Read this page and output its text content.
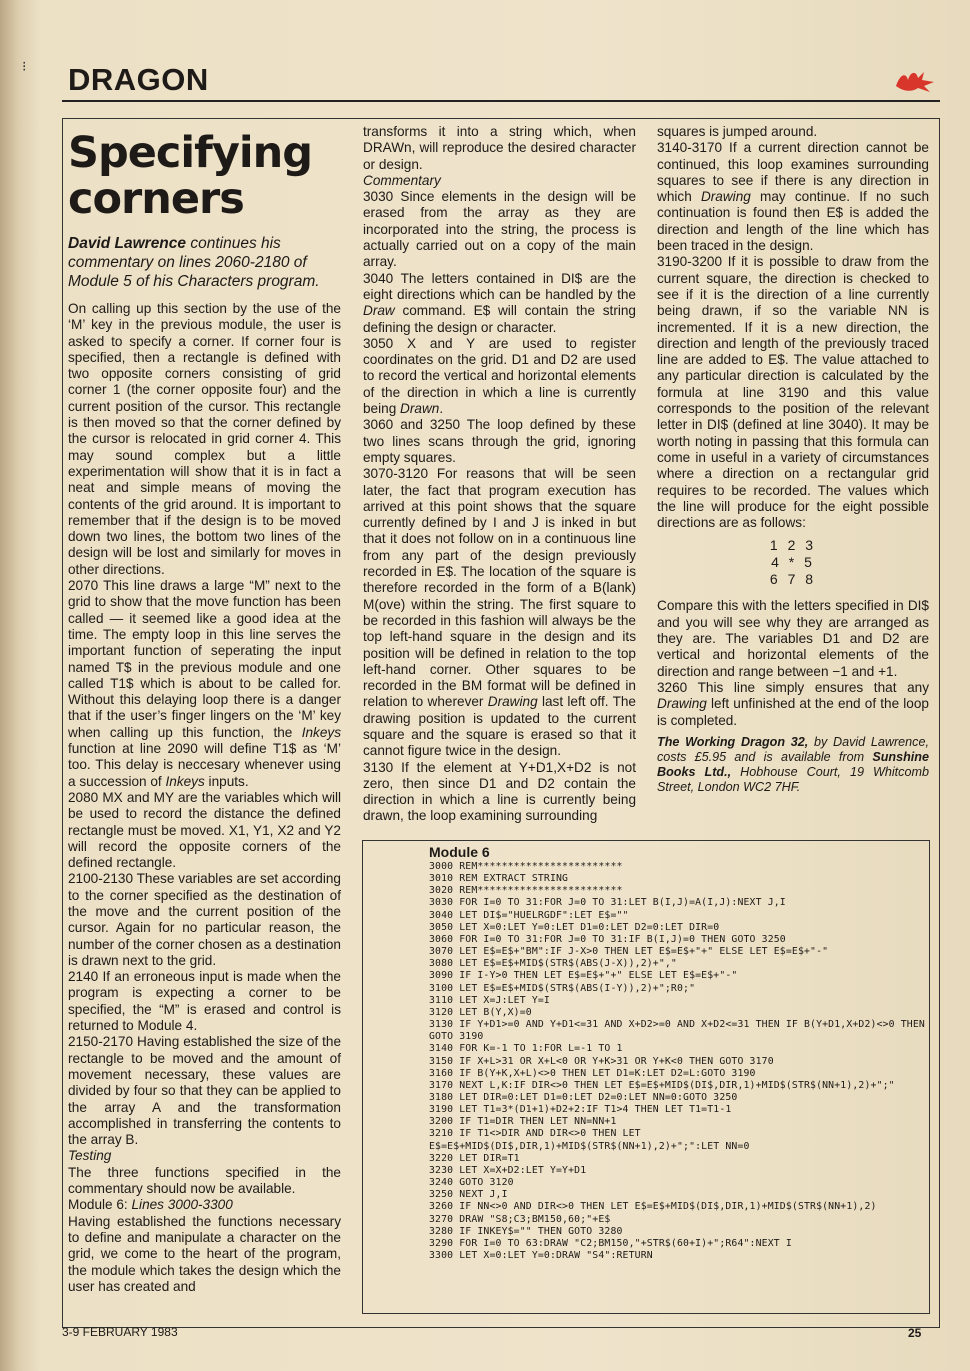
⁝ DRAGON

Specifying corners

David Lawrence continues his commentary on lines 2060-2180 of Module 5 of his Characters program.

On calling up this section by the use of the ‘M’ key in the previous module, the user is asked to specify a corner. If corner four is specified, then a rectangle is defined with two opposite corners consisting of grid corner 1 (the corner opposite four) and the current position of the cursor. This rectangle is then moved so that the corner defined by the cursor is relocated in grid corner 4. This may sound complex but a little experimentation will show that it is in fact a neat and simple means of moving the contents of the grid around. It is important to remember that if the design is to be moved down two lines, the bottom two lines of the design will be lost and similarly for moves in other directions.

2070 This line draws a large “M” next to the grid to show that the move function has been called — it seemed like a good idea at the time. The empty loop in this line serves the important function of seperating the input named T$ in the previous module and one called T1$ which is about to be called for. Without this delaying loop there is a danger that if the user’s finger lingers on the ‘M’ key when calling up this function, the Inkeys function at line 2090 will define T1$ as ‘M’ too. This delay is neccesary whenever using a succession of Inkeys inputs.

2080 MX and MY are the variables which will be used to record the distance the defined rectangle must be moved. X1, Y1, X2 and Y2 will record the opposite corners of the defined rectangle.

2100-2130 These variables are set according to the corner specified as the destination of the move and the current position of the cursor. Again for no particular reason, the number of the corner chosen as a destination is drawn next to the grid.

2140 If an erroneous input is made when the program is expecting a corner to be specified, the “M” is erased and control is returned to Module 4.

2150-2170 Having established the size of the rectangle to be moved and the amount of movement necessary, these values are divided by four so that they can be applied to the array A and the transformation accomplished in transferring the contents to the array B.

Testing

The three functions specified in the commentary should now be available.

Module 6: Lines 3000-3300

Having established the functions necessary to define and manipulate a character on the grid, we come to the heart of the program, the module which takes the design which the user has created and

transforms it into a string which, when DRAWn, will reproduce the desired character or design.

Commentary

3030 Since elements in the design will be erased from the array as they are incorporated into the string, the process is actually carried out on a copy of the main array.

3040 The letters contained in DI$ are the eight directions which can be handled by the Draw command. E$ will contain the string defining the design or character.

3050 X and Y are used to register coordinates on the grid. D1 and D2 are used to record the vertical and horizontal elements of the direction in which a line is currently being Drawn.

3060 and 3250 The loop defined by these two lines scans through the grid, ignoring empty squares.

3070-3120 For reasons that will be seen later, the fact that program execution has arrived at this point shows that the square currently defined by I and J is inked in but that it does not follow on in a continuous line from any part of the design previously recorded in E$. The location of the square is therefore recorded in the form of a B(lank) M(ove) within the string. The first square to be recorded in this fashion will always be the top left-hand square in the design and its position will be defined in relation to the top left-hand corner. Other squares to be recorded in the BM format will be defined in relation to wherever Drawing last left off. The drawing position is updated to the current square and the square is erased so that it cannot figure twice in the design.

3130 If the element at Y+D1,X+D2 is not zero, then since D1 and D2 contain the direction in which a line is currently being drawn, the loop examining surrounding

squares is jumped around.

3140-3170 If a current direction cannot be continued, this loop examines surrounding squares to see if there is any direction in which Drawing may continue. If no such continuation is found then E$ is added the direction and length of the line which has been traced in the design.

3190-3200 If it is possible to draw from the current square, the direction is checked to see if it is the direction of a line currently being drawn, if so the variable NN is incremented. If it is a new direction, the direction and length of the previously traced line are added to E$. The value attached to any particular direction is calculated by the formula at line 3190 and this value corresponds to the position of the relevant letter in DI$ (defined at line 3040). It may be worth noting in passing that this formula can come in useful in a variety of circumstances where a direction on a rectangular grid requires to be recorded. The values which the line will produce for the eight possible directions are as follows:

1 2 3
4 * 5
6 7 8

Compare this with the letters specified in DI$ and you will see why they are arranged as they are. The variables D1 and D2 are vertical and horizontal elements of the direction and range between −1 and +1.

3260 This line simply ensures that any Drawing left unfinished at the end of the loop is completed.

The Working Dragon 32, by David Lawrence, costs £5.95 and is available from Sunshine Books Ltd., Hobhouse Court, 19 Whitcomb Street, London WC2 7HF.

Module 6
3000 REM************************
3010 REM EXTRACT STRING
3020 REM************************
3030 FOR I=0 TO 31:FOR J=0 TO 31:LET B(I,J)=A(I,J):NEXT J,I
3040 LET DI$="HUELRGDF":LET E$=""
3050 LET X=0:LET Y=0:LET D1=0:LET D2=0:LET DIR=0
3060 FOR I=0 TO 31:FOR J=0 TO 31:IF B(I,J)=0 THEN GOTO 3250
3070 LET E$=E$+"BM":IF J-X>0 THEN LET E$=E$+"+" ELSE LET E$=E$+"-"
3080 LET E$=E$+MID$(STR$(ABS(J-X)),2)+","
3090 IF I-Y>0 THEN LET E$=E$+"+" ELSE LET E$=E$+"-"
3100 LET E$=E$+MID$(STR$(ABS(I-Y)),2)+";R0;"
3110 LET X=J:LET Y=I
3120 LET B(Y,X)=0
3130 IF Y+D1>=0 AND Y+D1<=31 AND X+D2>=0 AND X+D2<=31 THEN IF B(Y+D1,X+D2)<>0 THEN GOTO 3190
3140 FOR K=-1 TO 1:FOR L=-1 TO 1
3150 IF X+L>31 OR X+L<0 OR Y+K>31 OR Y+K<0 THEN GOTO 3170
3160 IF B(Y+K,X+L)<>0 THEN LET D1=K:LET D2=L:GOTO 3190
3170 NEXT L,K:IF DIR<>0 THEN LET E$=E$+MID$(DI$,DIR,1)+MID$(STR$(NN+1),2)+";"
3180 LET DIR=0:LET D1=0:LET D2=0:LET NN=0:GOTO 3250
3190 LET T1=3*(D1+1)+D2+2:IF T1>4 THEN LET T1=T1-1
3200 IF T1=DIR THEN LET NN=NN+1
3210 IF T1<>DIR AND DIR<>0 THEN LET E$=E$+MID$(DI$,DIR,1)+MID$(STR$(NN+1),2)+";":LET NN=0
3220 LET DIR=T1
3230 LET X=X+D2:LET Y=Y+D1
3240 GOTO 3120
3250 NEXT J,I
3260 IF NN<>0 AND DIR<>0 THEN LET E$=E$+MID$(DI$,DIR,1)+MID$(STR$(NN+1),2)
3270 DRAW "S8;C3;BM150,60;"+E$
3280 IF INKEY$="" THEN GOTO 3280
3290 FOR I=0 TO 63:DRAW "C2;BM150,"+STR$(60+I)+";R64":NEXT I
3300 LET X=0:LET Y=0:DRAW "S4":RETURN
3-9 FEBRUARY 1983	25
